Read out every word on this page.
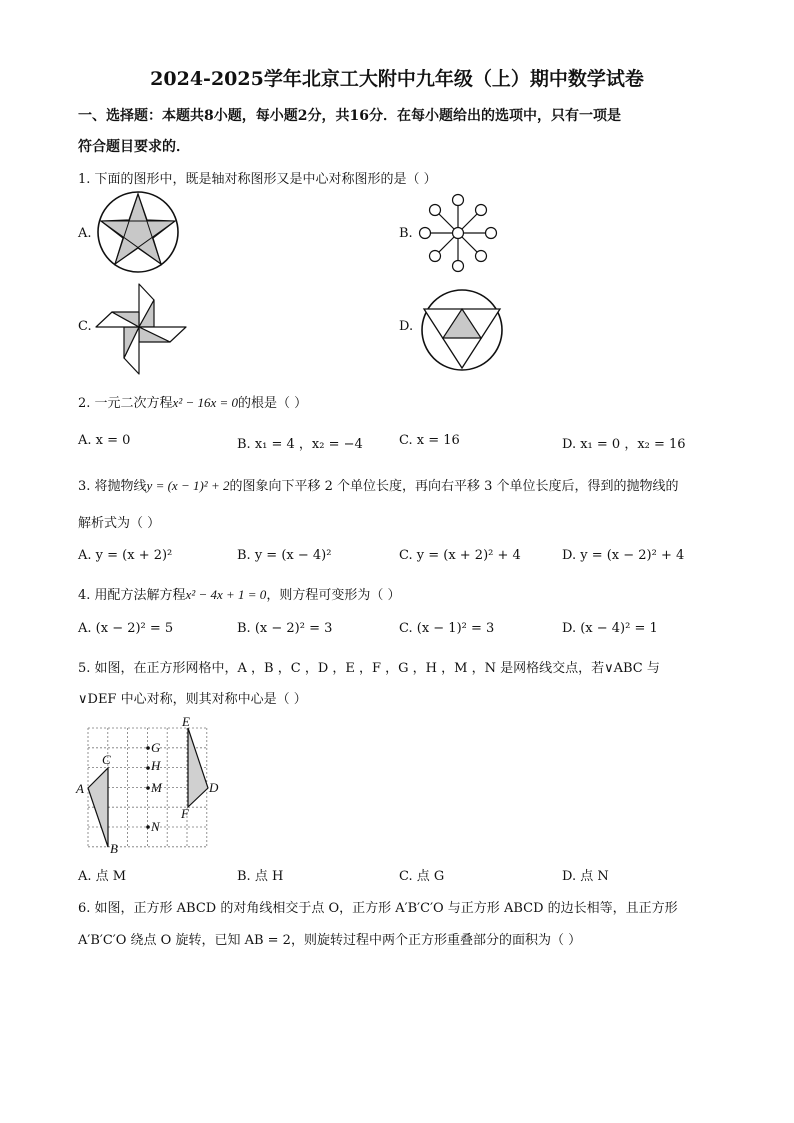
2024-2025学年北京工大附中九年级（上）期中数学试卷
一、选择题：本题共8小题，每小题2分，共16分．在每小题给出的选项中，只有一项是
符合题目要求的．
1. 下面的图形中，既是轴对称图形又是中心对称图形的是（ ）
A.	B.
C.	D.
2. 一元二次方程x² − 16x = 0的根是（ ）
A. x = 0	B. x₁ = 4 ，x₂ = −4	C. x = 16	D. x₁ = 0 ，x₂ = 16
3. 将抛物线y = (x − 1)² + 2的图象向下平移 2 个单位长度，再向右平移 3 个单位长度后，得到的抛物线的
解析式为（ ）
A. y = (x + 2)²	B. y = (x − 4)²	C. y = (x + 2)² + 4	D. y = (x − 2)² + 4
4. 用配方法解方程x² − 4x + 1 = 0，则方程可变形为（ ）
A. (x − 2)² = 5	B. (x − 2)² = 3	C. (x − 1)² = 3	D. (x − 4)² = 1
5. 如图，在正方形网格中，A ，B ，C ，D ，E ，F ，G ，H ，M ，N 是网格线交点，若∨ABC 与
∨DEF 中心对称，则其对称中心是（ ）
A
B
C
D
E
F
G
H
M
N
A. 点 M	B. 点 H	C. 点 G	D. 点 N
6. 如图，正方形 ABCD 的对角线相交于点 O，正方形 A′B′C′O 与正方形 ABCD 的边长相等，且正方形
A′B′C′O 绕点 O 旋转，已知 AB = 2，则旋转过程中两个正方形重叠部分的面积为（ ）
